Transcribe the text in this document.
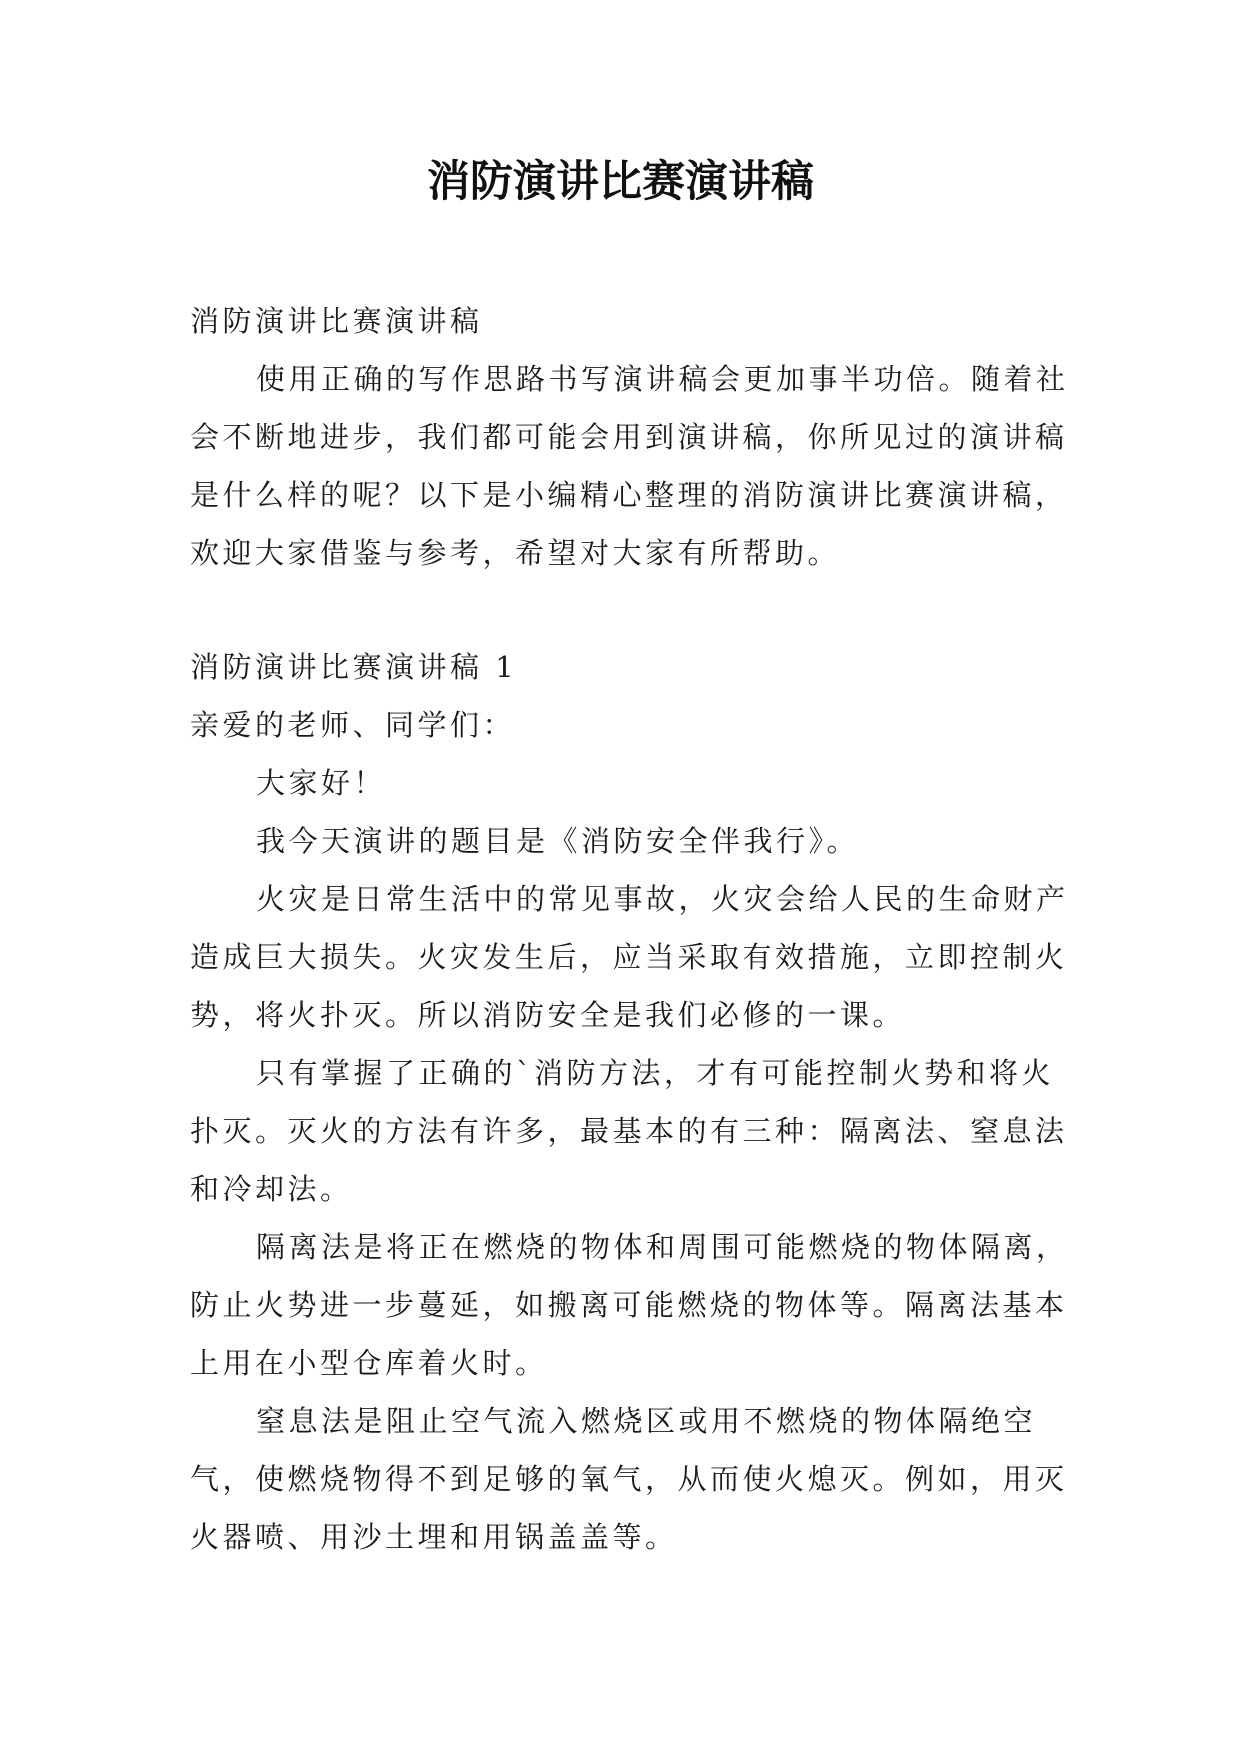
消防演讲比赛演讲稿

消防演讲比赛演讲稿

使用正确的写作思路书写演讲稿会更加事半功倍。随着社会不断地进步，我们都可能会用到演讲稿，你所见过的演讲稿是什么样的呢？以下是小编精心整理的消防演讲比赛演讲稿，欢迎大家借鉴与参考，希望对大家有所帮助。

消防演讲比赛演讲稿 1

亲爱的老师、同学们：

大家好！

我今天演讲的题目是《消防安全伴我行》。

火灾是日常生活中的常见事故，火灾会给人民的生命财产造成巨大损失。火灾发生后，应当采取有效措施，立即控制火势，将火扑灭。所以消防安全是我们必修的一课。

只有掌握了正确的`消防方法，才有可能控制火势和将火扑灭。灭火的方法有许多，最基本的有三种：隔离法、窒息法和冷却法。

隔离法是将正在燃烧的物体和周围可能燃烧的物体隔离，防止火势进一步蔓延，如搬离可能燃烧的物体等。隔离法基本上用在小型仓库着火时。

窒息法是阻止空气流入燃烧区或用不燃烧的物体隔绝空气，使燃烧物得不到足够的氧气，从而使火熄灭。例如，用灭火器喷、用沙土埋和用锅盖盖等。
